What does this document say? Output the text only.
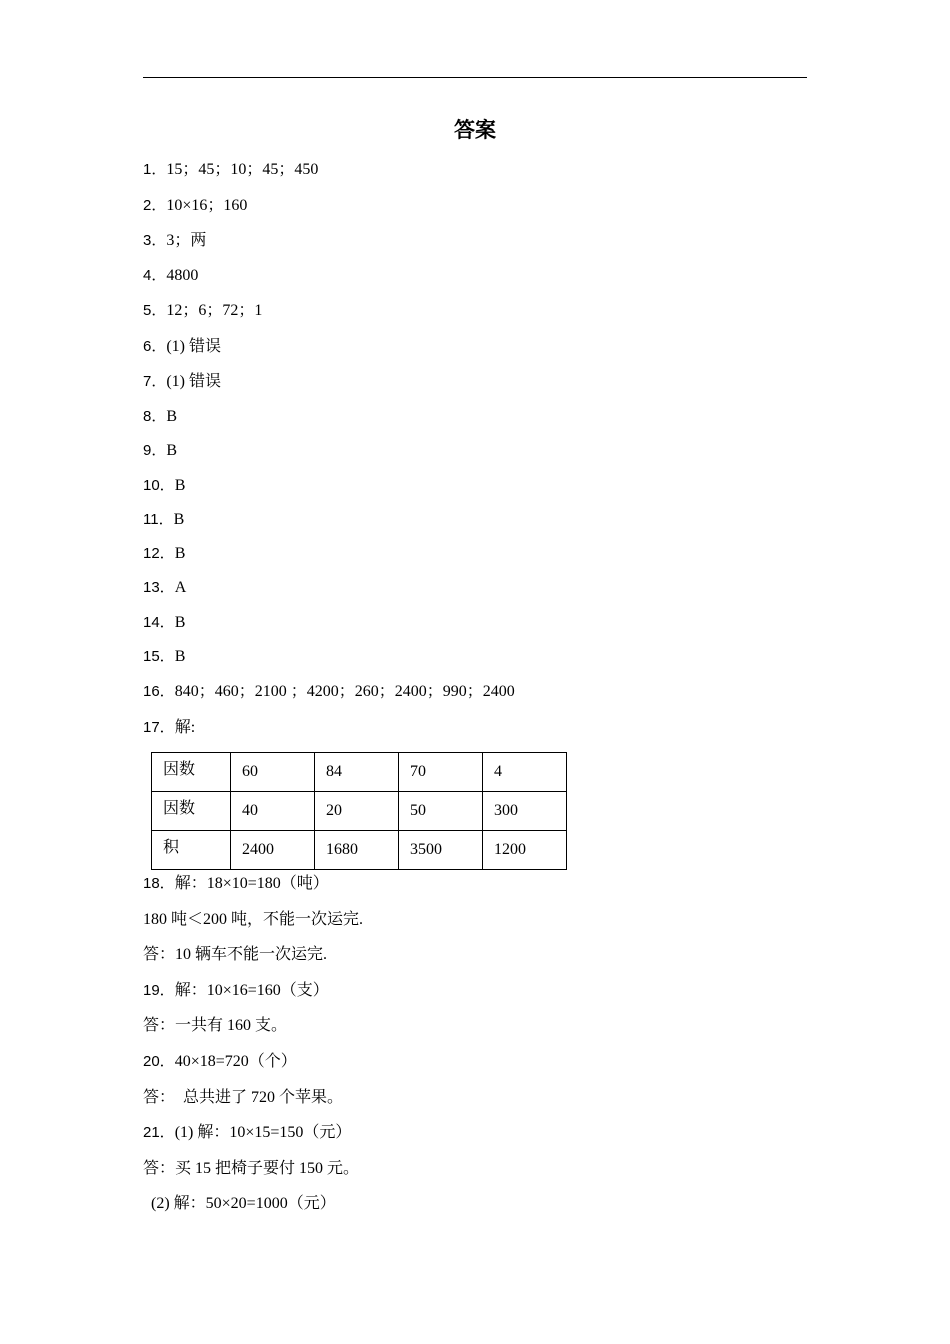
答案
1．15；45；10；45；450
2．10×16；160
3．3；两
4．4800
5．12；6；72；1
6．(1) 错误
7．(1) 错误
8．B
9．B
10．B
11．B
12．B
13．A
14．B
15．B
16．840；460；2100 ；4200；260；2400；990；2400
17．解:
因数	60	84	70	4
因数	40	20	50	300
积	2400	1680	3500	1200
18．解：18×10=180（吨）
180 吨＜200 吨，不能一次运完.
答：10 辆车不能一次运完.
19．解：10×16=160（支）
答：一共有 160 支。
20．40×18=720（个）
答：  总共进了 720 个苹果。
21．(1) 解：10×15=150（元）
答：买 15 把椅子要付 150 元。
(2) 解：50×20=1000（元）
